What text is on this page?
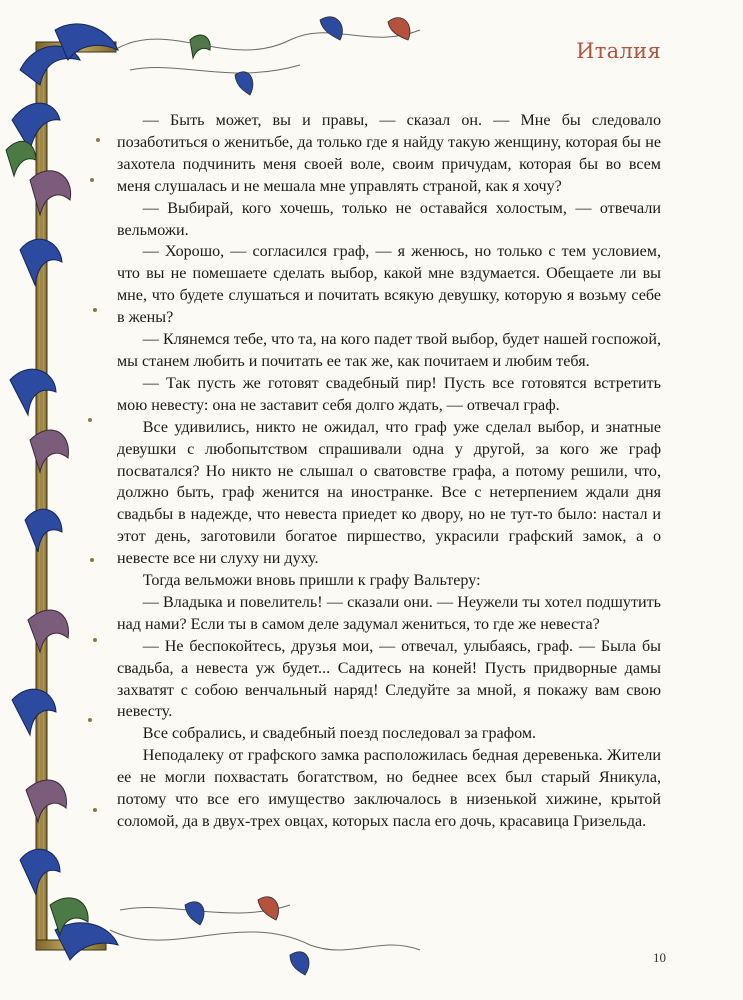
Италия

— Быть может, вы и правы, — сказал он. — Мне бы следовало позаботиться о женитьбе, да только где я найду такую женщину, которая бы не захотела подчинить меня своей воле, своим причудам, которая бы во всем меня слушалась и не мешала мне управлять страной, как я хочу?

— Выбирай, кого хочешь, только не оставайся холостым, — отвечали вельможи.

— Хорошо, — согласился граф, — я женюсь, но только с тем условием, что вы не помешаете сделать выбор, какой мне вздумается. Обещаете ли вы мне, что будете слушаться и почитать всякую девушку, которую я возьму себе в жены?

— Клянемся тебе, что та, на кого падет твой выбор, будет нашей госпожой, мы станем любить и почитать ее так же, как почитаем и любим тебя.

— Так пусть же готовят свадебный пир! Пусть все готовятся встретить мою невесту: она не заставит себя долго ждать, — отвечал граф.

Все удивились, никто не ожидал, что граф уже сделал выбор, и знатные девушки с любопытством спрашивали одна у другой, за кого же граф посватался? Но никто не слышал о сватовстве графа, а потому решили, что, должно быть, граф женится на иностранке. Все с нетерпением ждали дня свадьбы в надежде, что невеста приедет ко двору, но не тут-то было: настал и этот день, заготовили богатое пиршество, украсили графский замок, а о невесте все ни слуху ни духу.

Тогда вельможи вновь пришли к графу Вальтеру:

— Владыка и повелитель! — сказали они. — Неужели ты хотел подшутить над нами? Если ты в самом деле задумал жениться, то где же невеста?

— Не беспокойтесь, друзья мои, — отвечал, улыбаясь, граф. — Была бы свадьба, а невеста уж будет... Садитесь на коней! Пусть придворные дамы захватят с собою венчальный наряд! Следуйте за мной, я покажу вам свою невесту.

Все собрались, и свадебный поезд последовал за графом.

Неподалеку от графского замка расположилась бедная деревенька. Жители ее не могли похвастать богатством, но беднее всех был старый Яникула, потому что все его имущество заключалось в низенькой хижине, крытой соломой, да в двух-трех овцах, которых пасла его дочь, красавица Гризельда.

10
